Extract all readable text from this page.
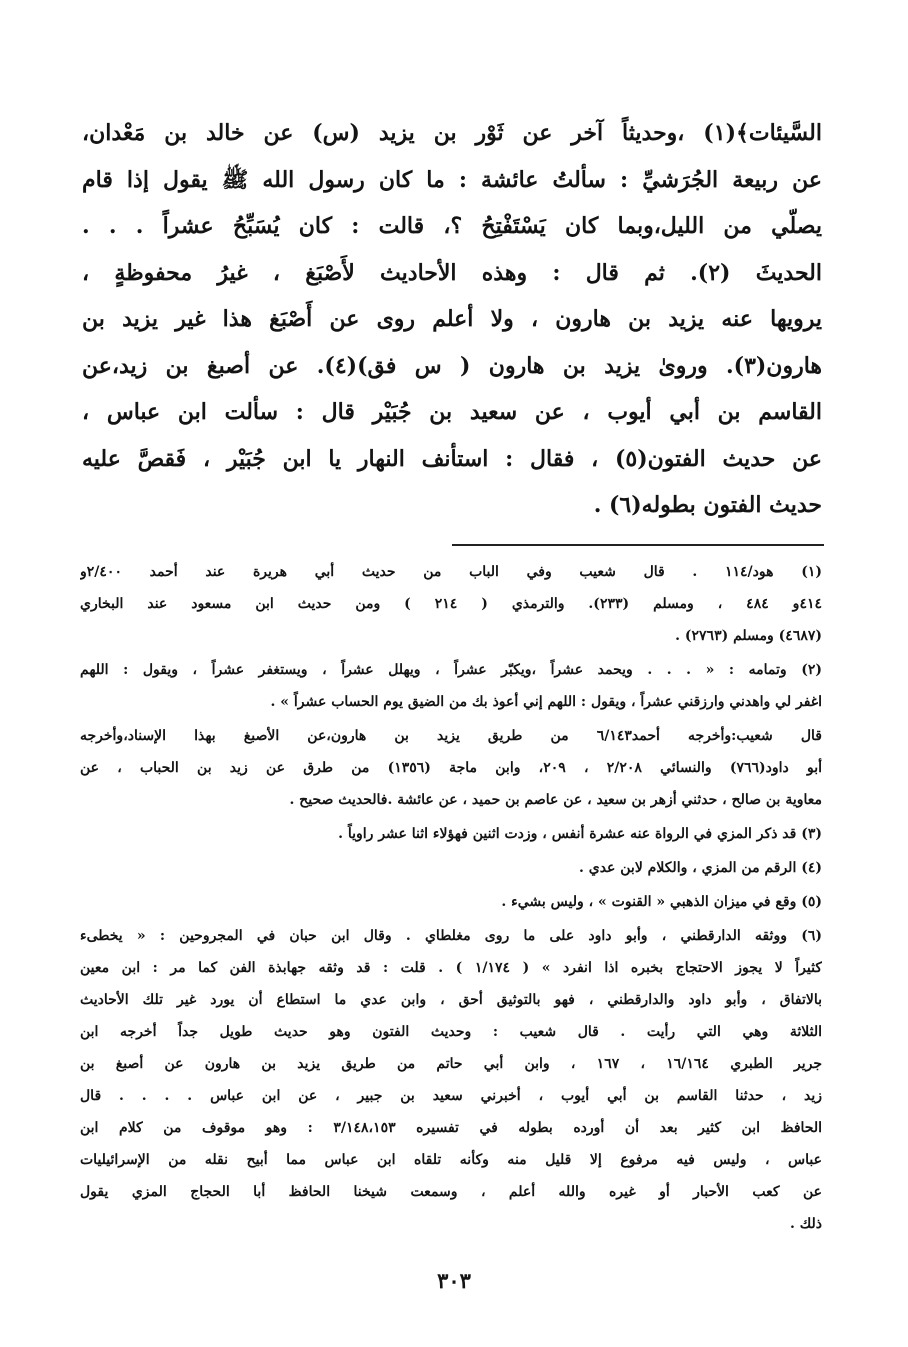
السَّيئات﴾(١) ،وحديثاً آخر عن ثَوْر بن يزيد (س) عن خالد بن مَعْدان،
عن ربيعة الجُرَشيِّ : سألتُ عائشة : ما كان رسول الله ﷺ يقول إذا قام
يصلّي من الليل،وبما كان يَسْتَفْتِحُ ؟، قالت : كان يُسَبِّحُ عشراً . . .
الحديثَ (٢). ثم قال : وهذه الأحاديث لأَصْبَغ ، غيرُ محفوظةٍ ،
يرويها عنه يزيد بن هارون ، ولا أعلم روى عن أَصْبَغ هذا غير يزيد بن
هارون(٣). وروىٰ يزيد بن هارون ( س فق)(٤). عن أصبغ بن زيد،عن
القاسم بن أبي أيوب ، عن سعيد بن جُبَيْر قال : سألت ابن عباس ،
عن حديث الفتون(٥) ، فقال : استأنف النهار يا ابن جُبَيْر ، فَقصَّ عليه
حديث الفتون بطوله(٦) .
(١) هود/١١٤ . قال شعيب وفي الباب من حديث أبي هريرة عند أحمد ٢/٤٠٠و
٤١٤و ٤٨٤ ، ومسلم (٢٣٣). والترمذي ( ٢١٤ ) ومن حديث ابن مسعود عند البخاري
(٤٦٨٧) ومسلم (٢٧٦٣) .
(٢) وتمامه : « . . . ويحمد عشراً ،ويكبّر عشراً ، ويهلل عشراً ، ويستغفر عشراً ، ويقول : اللهم
اغفر لي واهدني وارزقني عشراً ، ويقول : اللهم إني أعوذ بك من الضيق يوم الحساب عشراً » .
قال شعيب:وأخرجه أحمد٦/١٤٣ من طريق يزيد بن هارون،عن الأصبغ بهذا الإسناد،وأخرجه
أبو داود(٧٦٦) والنسائي ٢/٢٠٨ ، ٢٠٩، وابن ماجة (١٣٥٦) من طرق عن زيد بن الحباب ، عن
معاوية بن صالح ، حدثني أزهر بن سعيد ، عن عاصم بن حميد ، عن عائشة .فالحديث صحيح .
(٣) قد ذكر المزي في الرواة عنه عشرة أنفس ، وزدت اثنين فهؤلاء اثنا عشر راوياً .
(٤) الرقم من المزي ، والكلام لابن عدي .
(٥) وقع في ميزان الذهبي « القنوت » ، وليس بشيء .
(٦) ووثقه الدارقطني ، وأبو داود على ما روى مغلطاي . وقال ابن حبان في المجروحين : « يخطىء
كثيراً لا يجوز الاحتجاج بخبره اذا انفرد » ( ١/١٧٤ ) . قلت : قد وثقه جهابذة الفن كما مر : ابن معين
بالاتفاق ، وأبو داود والدارقطني ، فهو بالتوثيق أحق ، وابن عدي ما استطاع أن يورد غير تلك الأحاديث
الثلاثة وهي التي رأيت . قال شعيب : وحديث الفتون وهو حديث طويل جداً أخرجه ابن
جرير الطبري ١٦/١٦٤ ، ١٦٧ ، وابن أبي حاتم من طريق يزيد بن هارون عن أصبغ بن
زيد ، حدثنا القاسم بن أبي أيوب ، أخبرني سعيد بن جبير ، عن ابن عباس . . . . قال
الحافظ ابن كثير بعد أن أورده بطوله في تفسيره ٣/١٤٨،١٥٣ : وهو موقوف من كلام ابن
عباس ، وليس فيه مرفوع إلا قليل منه وكأنه تلقاه ابن عباس مما أبيح نقله من الإسرائيليات
عن كعب الأحبار أو غيره والله أعلم ، وسمعت شيخنا الحافظ أبا الحجاج المزي يقول
ذلك .
٣٠٣
